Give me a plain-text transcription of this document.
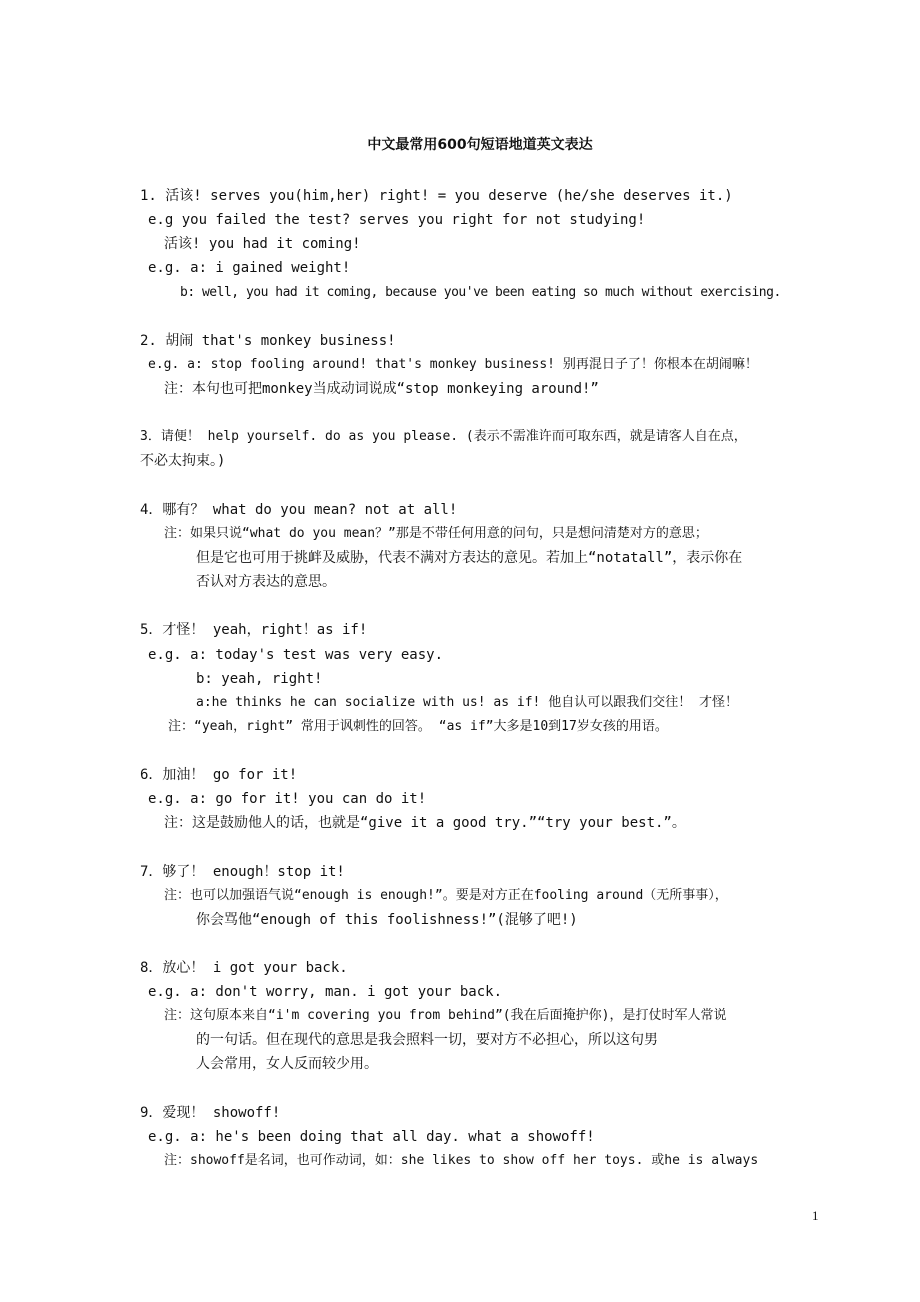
中文最常用600句短语地道英文表达
1. 活该! serves you(him,her) right! = you deserve (he/she deserves it.)
e.g you failed the test? serves you right for not studying!
活该! you had it coming!
e.g. a: i gained weight!
b: well, you had it coming, because you've been eating so much without exercising.
2. 胡闹 that's monkey business!
e.g. a: stop fooling around! that's monkey business! 别再混日子了！你根本在胡闹嘛！
注：本句也可把monkey当成动词说成“stop monkeying around!”
3．请便！ help yourself. do as you please. (表示不需准许而可取东西，就是请客人自在点，
不必太拘束。)
4．哪有？ what do you mean? not at all!
注：如果只说“what do you mean？”那是不带任何用意的问句，只是想问清楚对方的意思；
但是它也可用于挑衅及威胁，代表不满对方表达的意见。若加上“notatall”，表示你在
否认对方表达的意思。
5．才怪！ yeah，right！as if!
e.g. a: today's test was very easy.
b: yeah, right!
a:he thinks he can socialize with us! as if! 他自认可以跟我们交往！ 才怪！
注：“yeah，right” 常用于讽刺性的回答。 “as if”大多是10到17岁女孩的用语。
6．加油！ go for it!
e.g. a: go for it! you can do it!
注：这是鼓励他人的话，也就是“give it a good try.”“try your best.”。
7．够了！ enough！stop it!
注：也可以加强语气说“enough is enough!”。要是对方正在fooling around（无所事事），
你会骂他“enough of this foolishness!”(混够了吧!)
8．放心！ i got your back.
e.g. a: don't worry, man. i got your back.
注：这句原本来自“i'm covering you from behind”(我在后面掩护你)，是打仗时军人常说
的一句话。但在现代的意思是我会照料一切，要对方不必担心，所以这句男
人会常用，女人反而较少用。
9．爱现！ showoff!
e.g. a: he's been doing that all day. what a showoff!
注：showoff是名词，也可作动词，如：she likes to show off her toys. 或he is always
1
